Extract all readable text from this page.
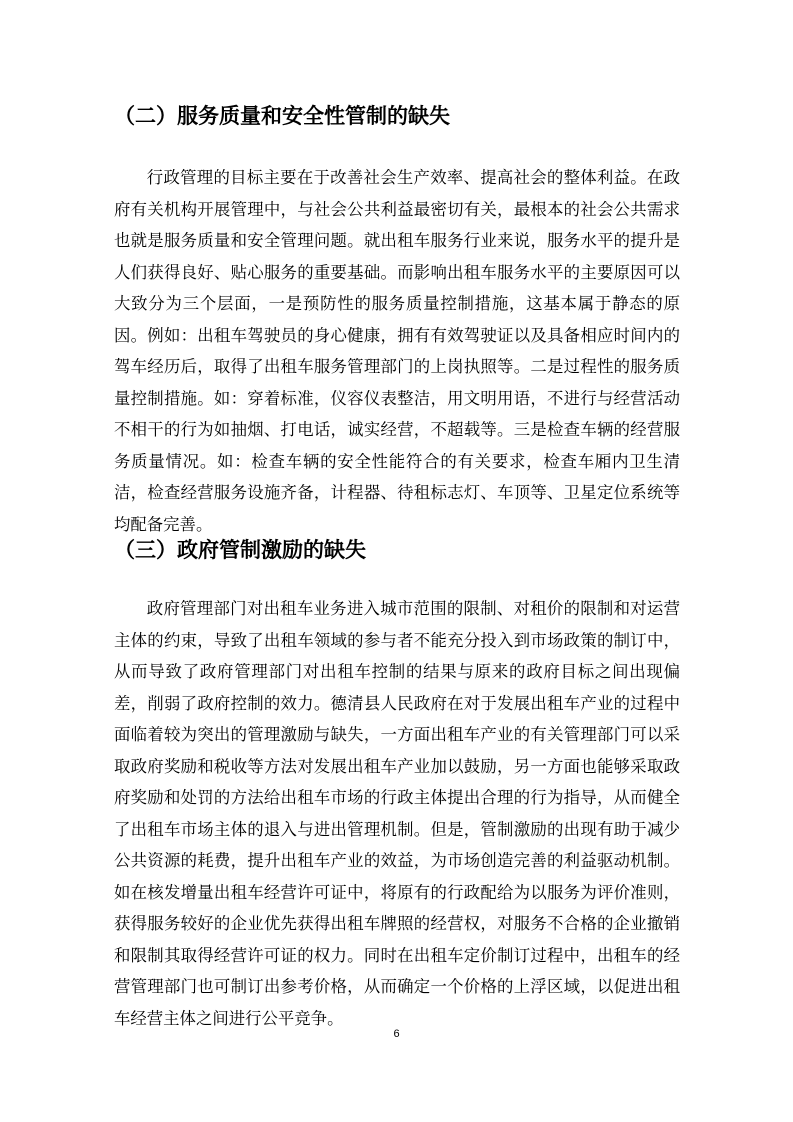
（二）服务质量和安全性管制的缺失

行政管理的目标主要在于改善社会生产效率、提高社会的整体利益。在政府有关机构开展管理中，与社会公共利益最密切有关，最根本的社会公共需求也就是服务质量和安全管理问题。就出租车服务行业来说，服务水平的提升是人们获得良好、贴心服务的重要基础。而影响出租车服务水平的主要原因可以大致分为三个层面，一是预防性的服务质量控制措施，这基本属于静态的原因。例如：出租车驾驶员的身心健康，拥有有效驾驶证以及具备相应时间内的驾车经历后，取得了出租车服务管理部门的上岗执照等。二是过程性的服务质量控制措施。如：穿着标准，仪容仪表整洁，用文明用语，不进行与经营活动不相干的行为如抽烟、打电话，诚实经营，不超载等。三是检查车辆的经营服务质量情况。如：检查车辆的安全性能符合的有关要求，检查车厢内卫生清洁，检查经营服务设施齐备，计程器、待租标志灯、车顶等、卫星定位系统等均配备完善。

（三）政府管制激励的缺失

政府管理部门对出租车业务进入城市范围的限制、对租价的限制和对运营主体的约束，导致了出租车领域的参与者不能充分投入到市场政策的制订中，从而导致了政府管理部门对出租车控制的结果与原来的政府目标之间出现偏差，削弱了政府控制的效力。德清县人民政府在对于发展出租车产业的过程中面临着较为突出的管理激励与缺失，一方面出租车产业的有关管理部门可以采取政府奖励和税收等方法对发展出租车产业加以鼓励，另一方面也能够采取政府奖励和处罚的方法给出租车市场的行政主体提出合理的行为指导，从而健全了出租车市场主体的退入与进出管理机制。但是，管制激励的出现有助于减少公共资源的耗费，提升出租车产业的效益，为市场创造完善的利益驱动机制。如在核发增量出租车经营许可证中，将原有的行政配给为以服务为评价准则，获得服务较好的企业优先获得出租车牌照的经营权，对服务不合格的企业撤销和限制其取得经营许可证的权力。同时在出租车定价制订过程中，出租车的经营管理部门也可制订出参考价格，从而确定一个价格的上浮区域，以促进出租车经营主体之间进行公平竞争。

6
